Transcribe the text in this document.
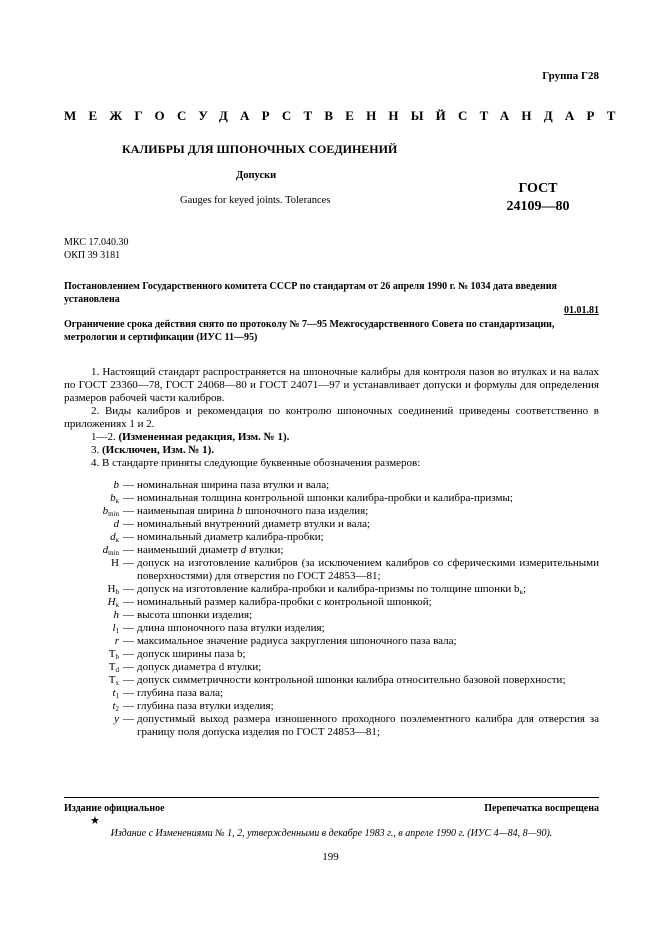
Группа Г28
МЕЖГОСУДАРСТВЕННЫЙ СТАНДАРТ
КАЛИБРЫ ДЛЯ ШПОНОЧНЫХ СОЕДИНЕНИЙ
Допуски
Gauges for keyed joints. Tolerances
ГОСТ
24109—80
МКС 17.040.30
ОКП 39 3181
Постановлением Государственного комитета СССР по стандартам от 26 апреля 1990 г. № 1034 дата введения установлена
01.01.81
Ограничение срока действия снято по протоколу № 7—95 Межгосударственного Совета по стандартизации, метрологии и сертификации (ИУС 11—95)

1. Настоящий стандарт распространяется на шпоночные калибры для контроля пазов во втулках и на валах по ГОСТ 23360—78, ГОСТ 24068—80 и ГОСТ 24071—97 и устанавливает допуски и формулы для определения размеров рабочей части калибров.

2. Виды калибров и рекомендация по контролю шпоночных соединений приведены соответственно в приложениях 1 и 2.

1—2. (Измененная редакция, Изм. № 1).

3. (Исключен, Изм. № 1).

4. В стандарте приняты следующие буквенные обозначения размеров:

b — номинальная ширина паза втулки и вала;
$b_к$ — номинальная толщина контрольной шпонки калибра-пробки и калибра-призмы;
$b_{min}$ — наименьшая ширина b шпоночного паза изделия;
d — номинальный внутренний диаметр втулки и вала;
$d_к$ — номинальный диаметр калибра-пробки;
$d_{min}$ — наименьший диаметр d втулки;
H — допуск на изготовление калибров (за исключением калибров со сферическими измерительными поверхностями) для отверстия по ГОСТ 24853—81;
$H_b$ — допуск на изготовление калибра-пробки и калибра-призмы по толщине шпонки $b_к$;
$H_к$ — номинальный размер калибра-пробки с контрольной шпонкой;
h — высота шпонки изделия;
$l_1$ — длина шпоночного паза втулки изделия;
r — максимальное значение радиуса закругления шпоночного паза вала;
$T_b$ — допуск ширины паза b;
$T_d$ — допуск диаметра d втулки;
$T_x$ — допуск симметричности контрольной шпонки калибра относительно базовой поверхности;
$t_1$ — глубина паза вала;
$t_2$ — глубина паза втулки изделия;
y — допустимый выход размера изношенного проходного поэлементного калибра для отверстия за границу поля допуска изделия по ГОСТ 24853—81;
Издание официальное	Перепечатка воспрещена
★
Издание с Изменениями № 1, 2, утвержденными в декабре 1983 г., в апреле 1990 г. (ИУС 4—84, 8—90).
199
